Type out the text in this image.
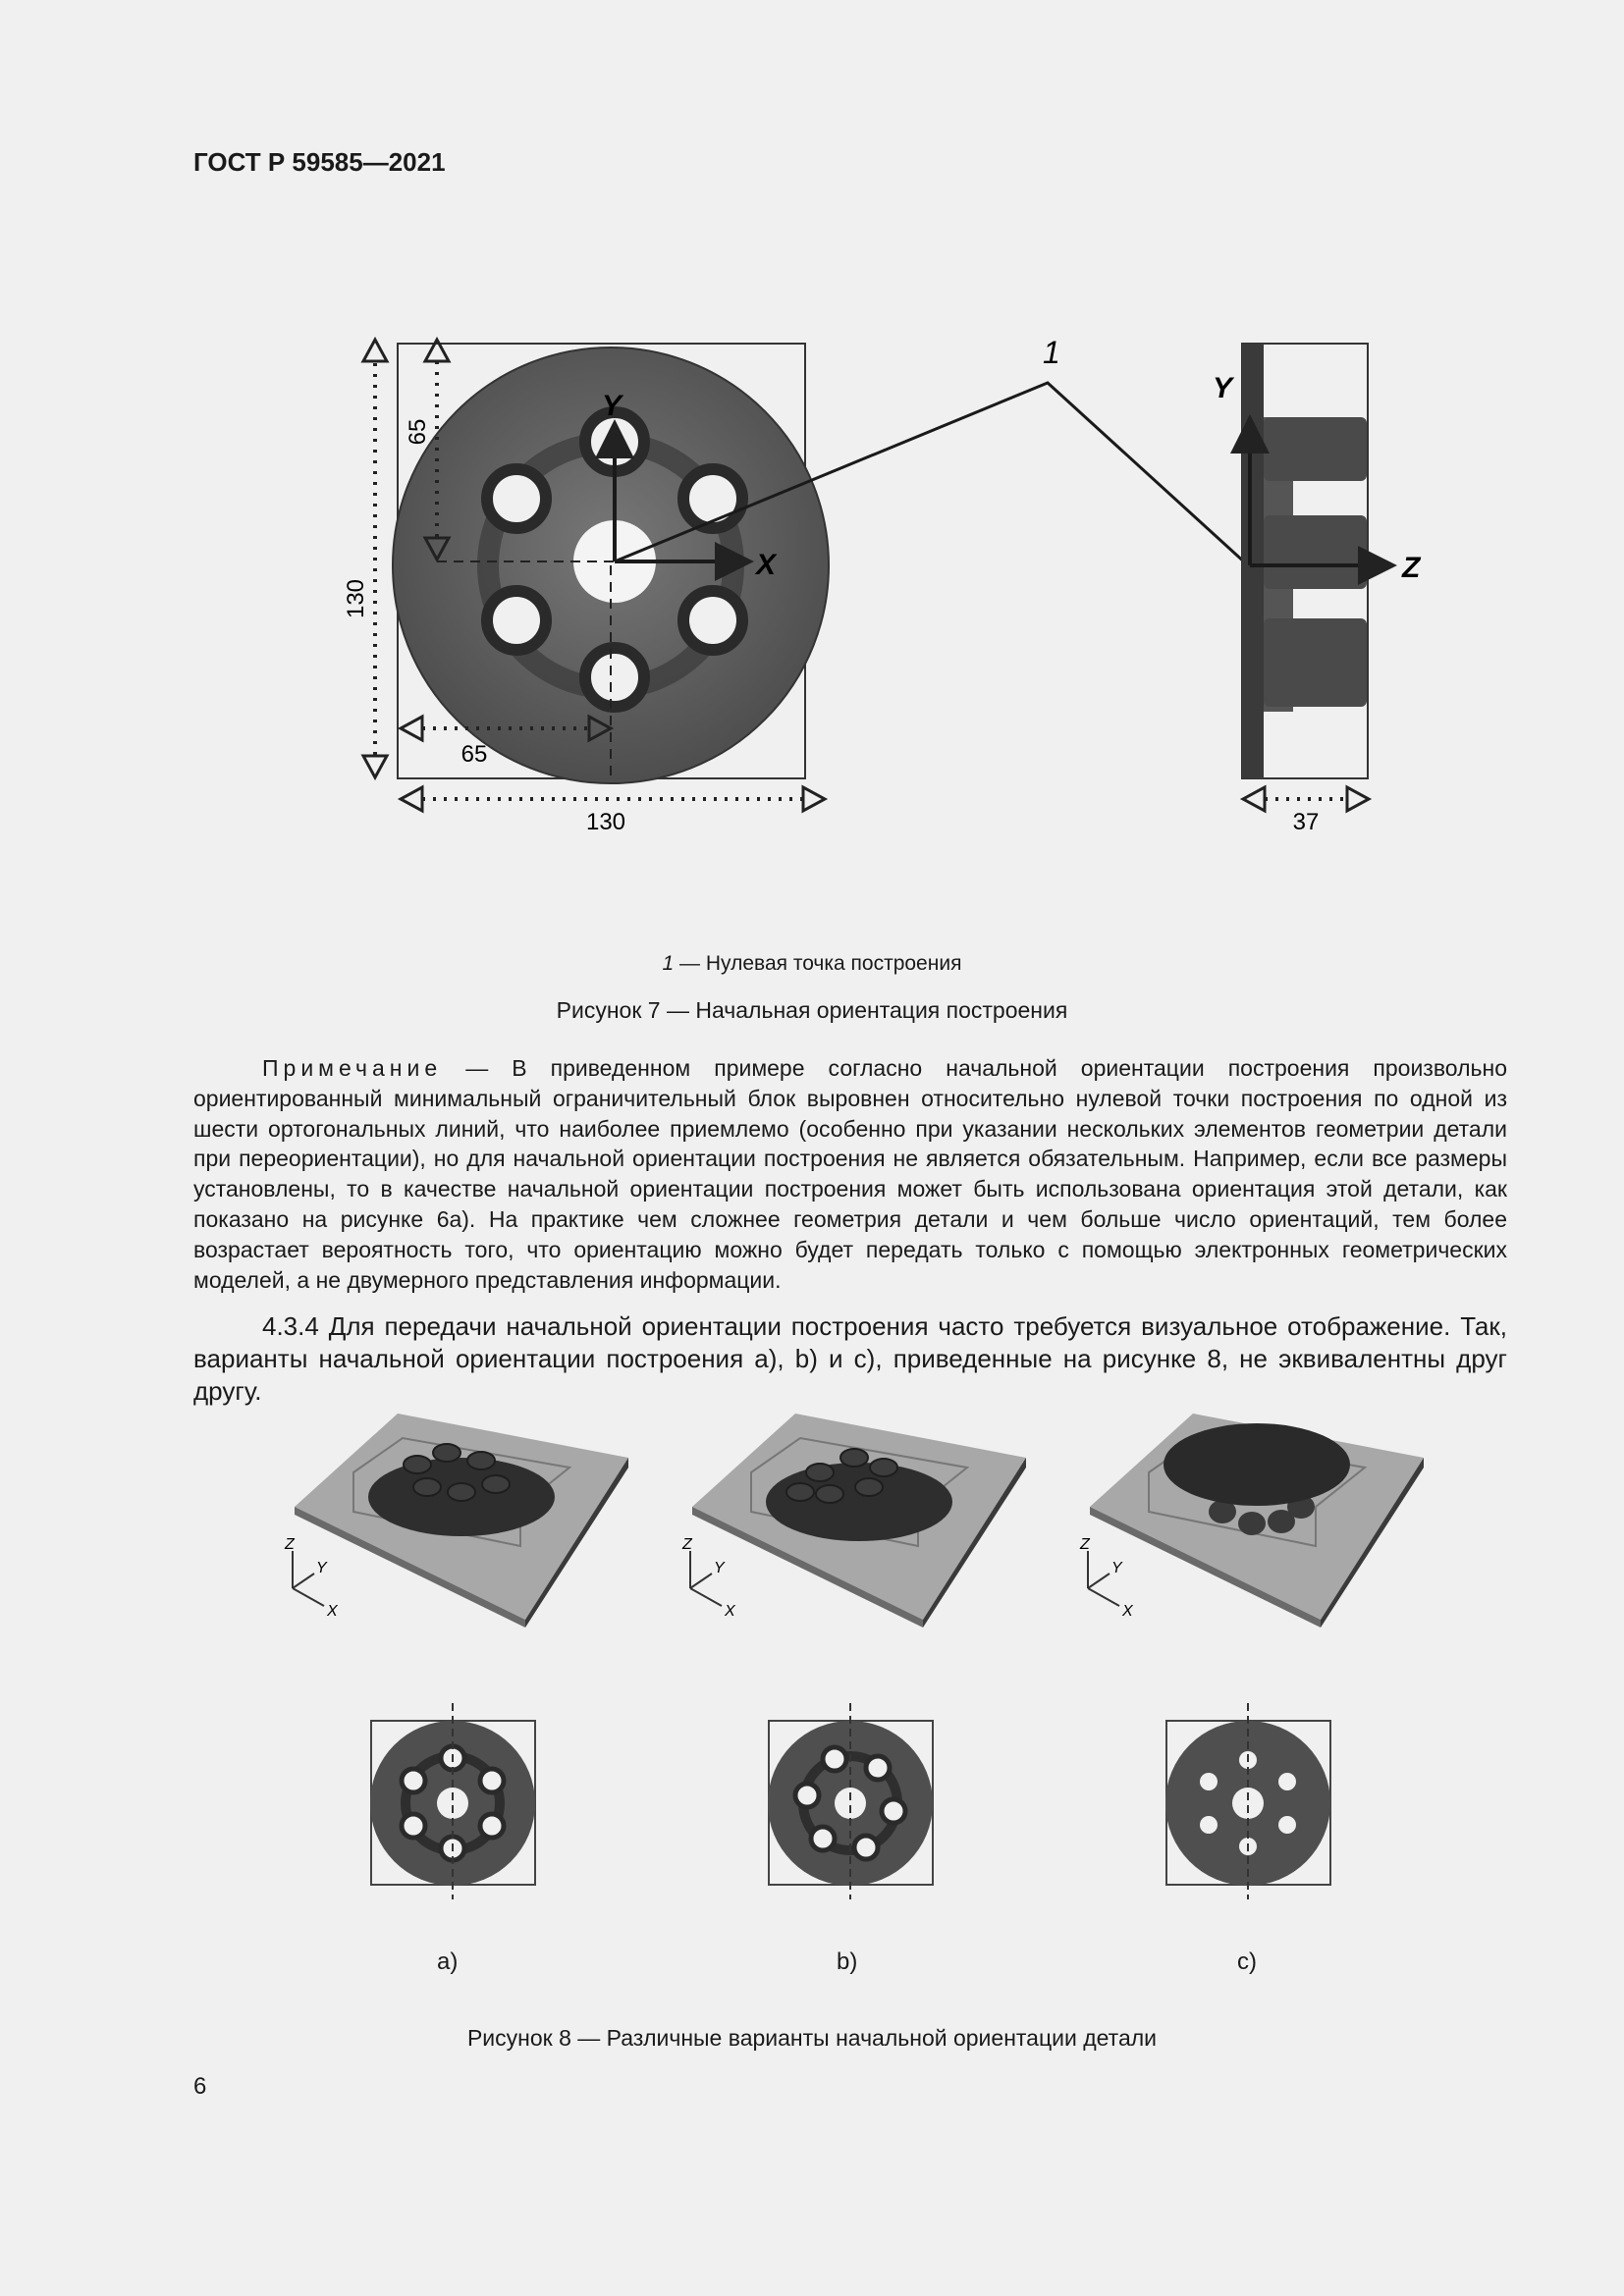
ГОСТ Р 59585—2021
Y
X
130
65
65
130
1
Y
Z
37
1 — Нулевая точка построения
Рисунок 7 — Начальная ориентация построения
Примечание — В приведенном примере согласно начальной ориентации построения произвольно ориентированный минимальный ограничительный блок выровнен относительно нулевой точки построения по одной из шести ортогональных линий, что наиболее приемлемо (особенно при указании нескольких элементов геометрии детали при переориентации), но для начальной ориентации построения не является обязательным. Например, если все размеры установлены, то в качестве начальной ориентации построения может быть использована ориентация этой детали, как показано на рисунке 6а). На практике чем сложнее геометрия детали и чем больше число ориентаций, тем более возрастает вероятность того, что ориентацию можно будет передать только с помощью электронных геометрических моделей, а не двумерного представления информации.
4.3.4 Для передачи начальной ориентации построения часто требуется визуальное отображение. Так, варианты начальной ориентации построения а), b) и с), приведенные на рисунке 8, не эквивалентны друг другу.
Z
Y
X
Z
Y
X
Z
Y
X
a)	b)	c)
Рисунок 8 — Различные варианты начальной ориентации детали
6
